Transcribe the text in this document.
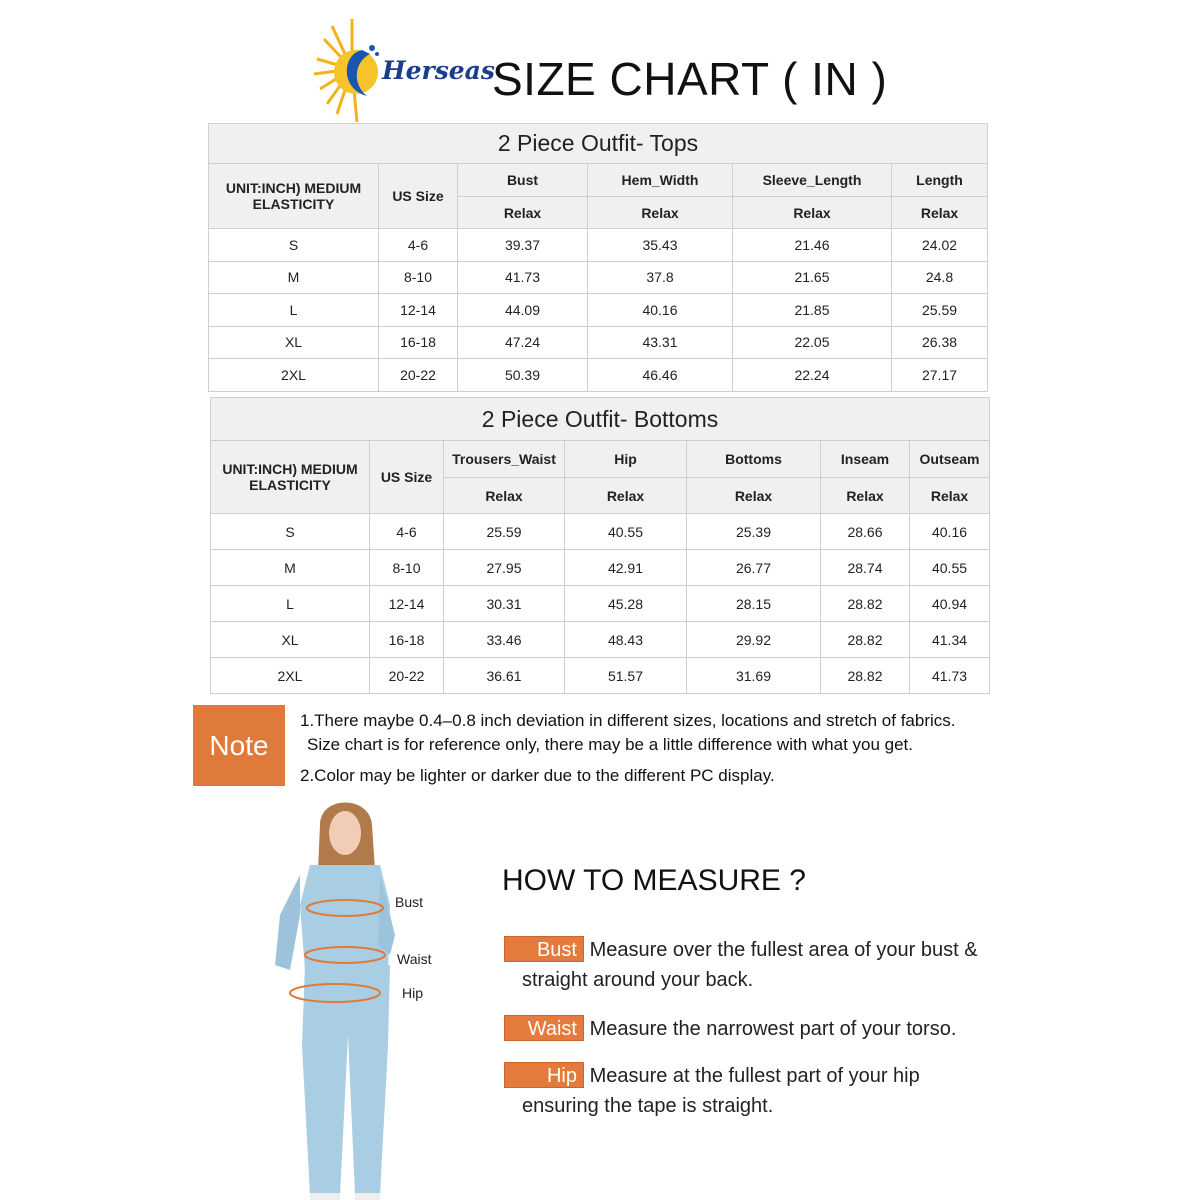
Herseas
SIZE CHART ( IN )
2 Piece Outfit- Tops					
UNIT:INCH) MEDIUM ELASTICITY	US Size	Bust	Hem_Width	Sleeve_Length	Length
		Relax	Relax	Relax	Relax
S	4-6	39.37	35.43	21.46	24.02
M	8-10	41.73	37.8	21.65	24.8
L	12-14	44.09	40.16	21.85	25.59
XL	16-18	47.24	43.31	22.05	26.38
2XL	20-22	50.39	46.46	22.24	27.17
2 Piece Outfit- Bottoms						
UNIT:INCH) MEDIUM ELASTICITY	US Size	Trousers_Waist	Hip	Bottoms	Inseam	Outseam
		Relax	Relax	Relax	Relax	Relax
S	4-6	25.59	40.55	25.39	28.66	40.16
M	8-10	27.95	42.91	26.77	28.74	40.55
L	12-14	30.31	45.28	28.15	28.82	40.94
XL	16-18	33.46	48.43	29.92	28.82	41.34
2XL	20-22	36.61	51.57	31.69	28.82	41.73
Note
1.There maybe 0.4–0.8 inch deviation in different sizes, locations and stretch of fabrics.
Size chart is for reference only, there may be a little difference with what you get.
2.Color may be lighter or darker due to the different PC display.
Bust
Waist
Hip
HOW TO MEASURE ?
Bust Measure over the fullest area of your bust &
straight around your back.
Waist Measure the narrowest part of your torso.
Hip Measure at the fullest part of your hip
ensuring the tape is straight.
